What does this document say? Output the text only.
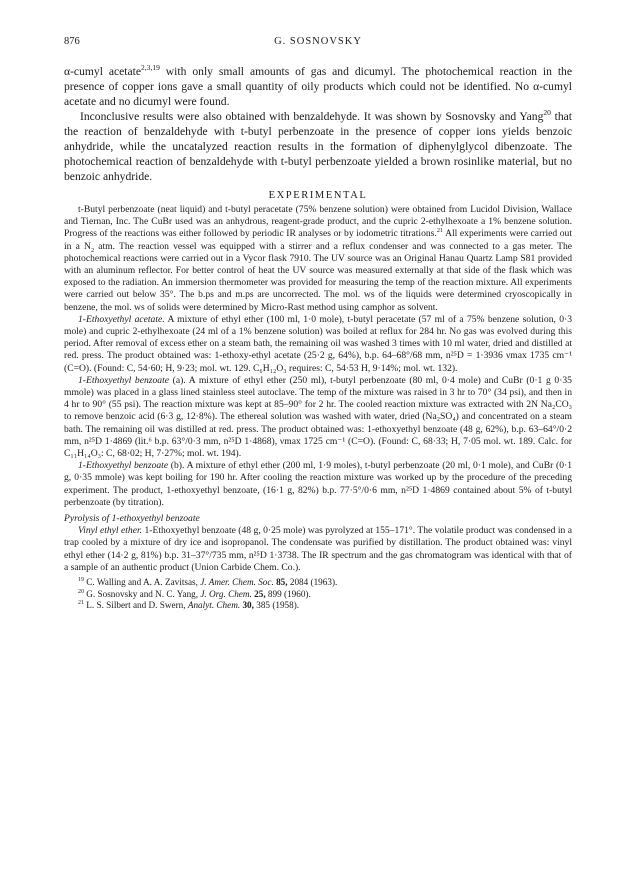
876	G. SOSNOVSKY

α-cumyl acetate$^{2,3,19}$ with only small amounts of gas and dicumyl. The photochemical reaction in the presence of copper ions gave a small quantity of oily products which could not be identified. No α-cumyl acetate and no dicumyl were found.

Inconclusive results were also obtained with benzaldehyde. It was shown by Sosnovsky and Yang$^{20}$ that the reaction of benzaldehyde with t-butyl perbenzoate in the presence of copper ions yields benzoic anhydride, while the uncatalyzed reaction results in the formation of diphenylglycol dibenzoate. The photochemical reaction of benzaldehyde with t-butyl perbenzoate yielded a brown rosinlike material, but no benzoic anhydride.

EXPERIMENTAL

t-Butyl perbenzoate (neat liquid) and t-butyl peracetate (75% benzene solution) were obtained from Lucidol Division, Wallace and Tiernan, Inc. The CuBr used was an anhydrous, reagent-grade product, and the cupric 2-ethylhexoate a 1% benzene solution. Progress of the reactions was either followed by periodic IR analyses or by iodometric titrations.$^{21}$ All experiments were carried out in a $N_2$ atm. The reaction vessel was equipped with a stirrer and a reflux condenser and was connected to a gas meter. The photochemical reactions were carried out in a Vycor flask 7910. The UV source was an Original Hanau Quartz Lamp S81 provided with an aluminum reflector. For better control of heat the UV source was measured externally at that side of the flask which was exposed to the radiation. An immersion thermometer was provided for measuring the temp of the reaction mixture. All experiments were carried out below 35°. The b.ps and m.ps are uncorrected. The mol. ws of the liquids were determined cryoscopically in benzene, the mol. ws of solids were determined by Micro-Rast method using camphor as solvent.

1-Ethoxyethyl acetate. A mixture of ethyl ether (100 ml, 1·0 mole), t-butyl peracetate (57 ml of a 75% benzene solution, 0·3 mole) and cupric 2-ethylhexoate (24 ml of a 1% benzene solution) was boiled at reflux for 284 hr. No gas was evolved during this period. After removal of excess ether on a steam bath, the remaining oil was washed 3 times with 10 ml water, dried and distilled at red. press. The product obtained was: 1-ethoxy-ethyl acetate (25·2 g, 64%), b.p. 64–68°/68 mm, n²⁵D = 1·3936 νmax 1735 cm⁻¹ (C=O). (Found: C, 54·60; H, 9·23; mol. wt. 129. C₆H₁₂O₃ requires: C, 54·53 H, 9·14%; mol. wt. 132).

1-Ethoxyethyl benzoate (a). A mixture of ethyl ether (250 ml), t-butyl perbenzoate (80 ml, 0·4 mole) and CuBr (0·1 g 0·35 mmole) was placed in a glass lined stainless steel autoclave. The temp of the mixture was raised in 3 hr to 70° (34 psi), and then in 4 hr to 90° (55 psi). The reaction mixture was kept at 85–90° for 2 hr. The cooled reaction mixture was extracted with 2N Na₂CO₃ to remove benzoic acid (6·3 g, 12·8%). The ethereal solution was washed with water, dried (Na₂SO₄) and concentrated on a steam bath. The remaining oil was distilled at red. press. The product obtained was: 1-ethoxyethyl benzoate (48 g, 62%), b.p. 63–64°/0·2 mm, n²⁵D 1·4869 (lit.⁶ b.p. 63°/0·3 mm, n²⁵D 1·4868), νmax 1725 cm⁻¹ (C=O). (Found: C, 68·33; H, 7·05 mol. wt. 189. Calc. for C₁₁H₁₄O₃: C, 68·02; H, 7·27%; mol. wt. 194).

1-Ethoxyethyl benzoate (b). A mixture of ethyl ether (200 ml, 1·9 moles), t-butyl perbenzoate (20 ml, 0·1 mole), and CuBr (0·1 g, 0·35 mmole) was kept boiling for 190 hr. After cooling the reaction mixture was worked up by the procedure of the preceding experiment. The product, 1-ethoxyethyl benzoate, (16·1 g, 82%) b.p. 77·5°/0·6 mm, n²⁵D 1·4869 contained about 5% of t-butyl perbenzoate (by titration).

Pyrolysis of 1-ethoxyethyl benzoate

Vinyl ethyl ether. 1-Ethoxyethyl benzoate (48 g, 0·25 mole) was pyrolyzed at 155–171°. The volatile product was condensed in a trap cooled by a mixture of dry ice and isopropanol. The condensate was purified by distillation. The product obtained was: vinyl ethyl ether (14·2 g, 81%) b.p. 31–37°/735 mm, n²⁵D 1·3738. The IR spectrum and the gas chromatogram was identical with that of a sample of an authentic product (Union Carbide Chem. Co.).

$^{19}$ C. Walling and A. A. Zavitsas, J. Amer. Chem. Soc. 85, 2084 (1963).

$^{20}$ G. Sosnovsky and N. C. Yang, J. Org. Chem. 25, 899 (1960).

$^{21}$ L. S. Silbert and D. Swern, Analyt. Chem. 30, 385 (1958).
